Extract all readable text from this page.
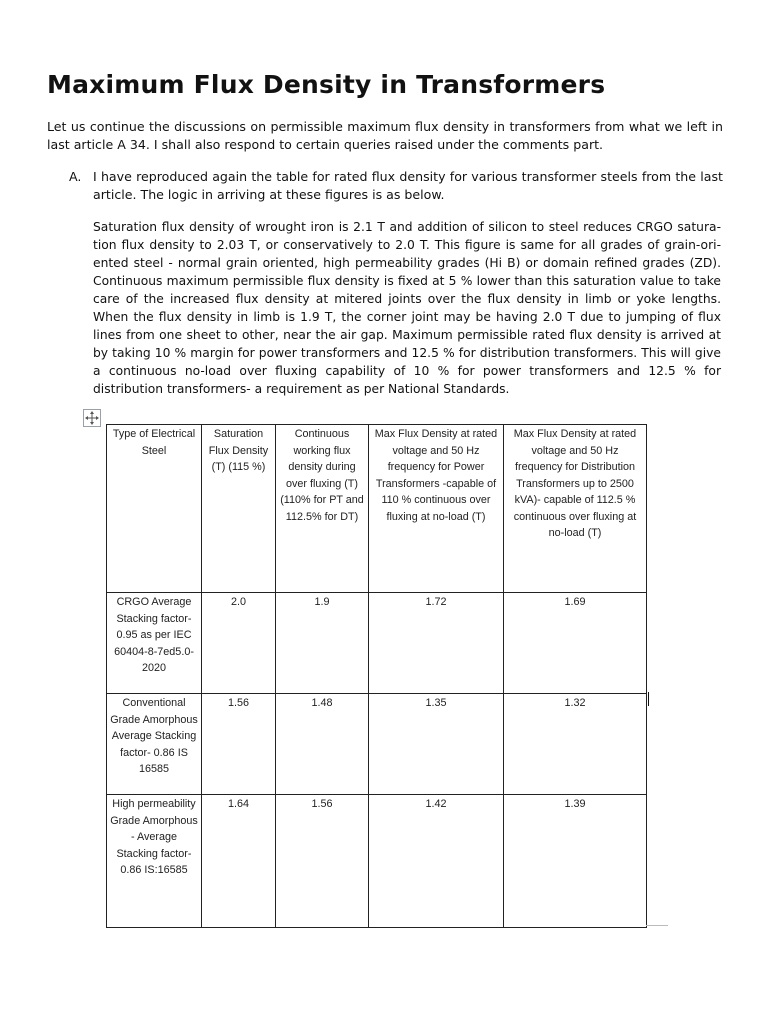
Maximum Flux Density in Transformers

Let us continue the discussions on permissible maximum flux density in transformers from what we left in last article A 34. I shall also respond to certain queries raised under the comments part.

A. I have reproduced again the table for rated flux density for various transformer steels from the last article. The logic in arriving at these figures is as below.

Saturation flux density of wrought iron is 2.1 T and addition of silicon to steel reduces CRGO satura tion flux density to 2.03 T, or conservatively to 2.0 T. This figure is same for all grades of grain-ori ented steel - normal grain oriented, high permeability grades (Hi B) or domain refined grades (ZD). Continuous maximum permissible flux density is fixed at 5 % lower than this saturation value to take care of the increased flux density at mitered joints over the flux density in limb or yoke lengths. When the flux density in limb is 1.9 T, the corner joint may be having 2.0 T due to jumping of flux lines from one sheet to other, near the air gap. Maximum permissible rated flux density is arrived at by taking 10 % margin for power transformers and 12.5 % for distribution transformers. This will give a continuous no-load over fluxing capability of 10 % for power transformers and 12.5 % for distribution transformers- a requirement as per National Standards.

Type of Electrical Steel	Saturation Flux Density (T) (115 %)	Continuous working flux density during over fluxing (T) (110% for PT and 112.5% for DT)	Max Flux Density at rated voltage and 50 Hz frequency for Power Transformers -capable of 110 % continuous over fluxing at no-load (T)	Max Flux Density at rated voltage and 50 Hz frequency for Distribution Transformers up to 2500 kVA)- capable of 112.5 % continuous over fluxing at no-load (T)
CRGO Average Stacking factor- 0.95 as per IEC 60404-8-7ed5.0-2020	2.0	1.9	1.72	1.69
Conventional Grade Amorphous Average Stacking factor- 0.86 IS 16585	1.56	1.48	1.35	1.32
High permeability Grade Amorphous - Average Stacking factor- 0.86 IS:16585	1.64	1.56	1.42	1.39
